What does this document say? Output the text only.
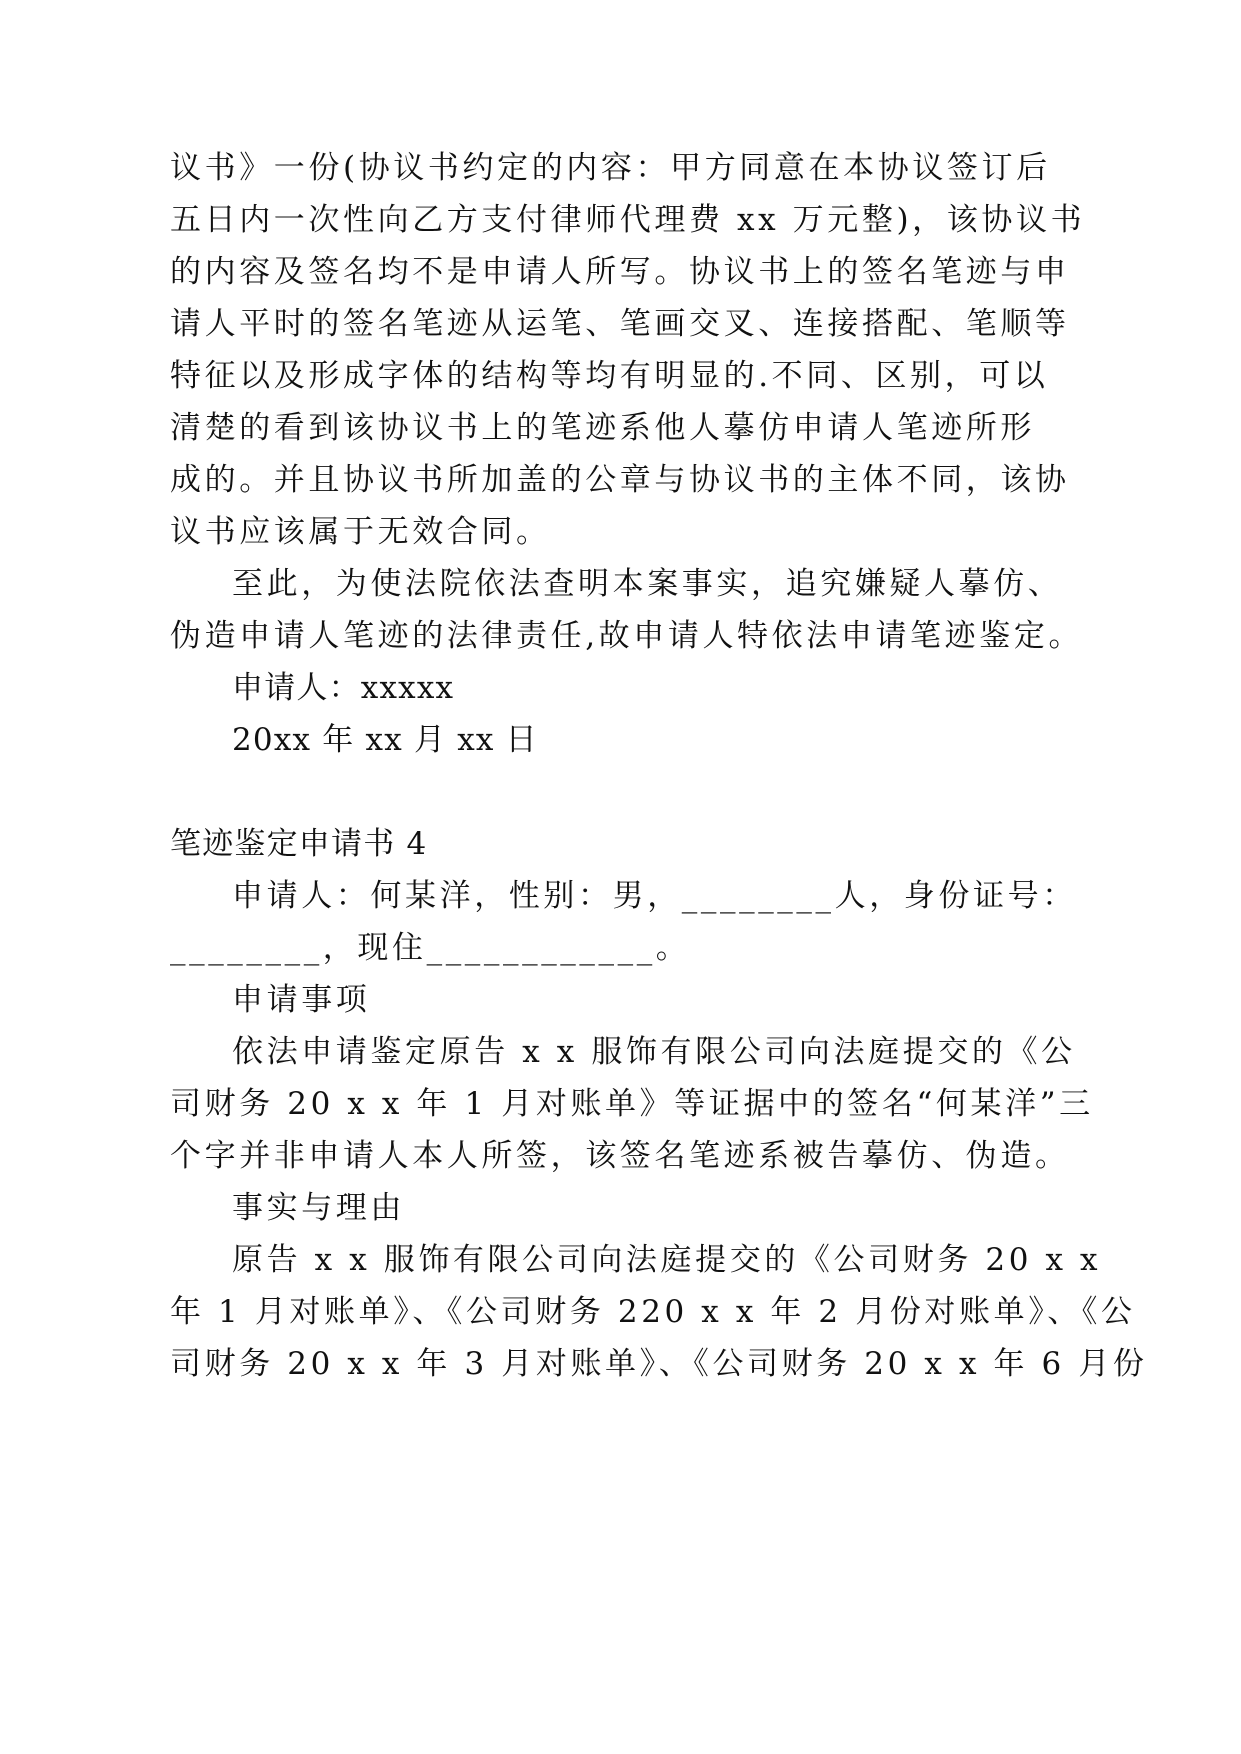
议书》一份(协议书约定的内容：甲方同意在本协议签订后
五日内一次性向乙方支付律师代理费 xx 万元整)，该协议书
的内容及签名均不是申请人所写。协议书上的签名笔迹与申
请人平时的签名笔迹从运笔、笔画交叉、连接搭配、笔顺等
特征以及形成字体的结构等均有明显的.不同、区别，可以
清楚的看到该协议书上的笔迹系他人摹仿申请人笔迹所形
成的。并且协议书所加盖的公章与协议书的主体不同，该协
议书应该属于无效合同。
至此，为使法院依法查明本案事实，追究嫌疑人摹仿、
伪造申请人笔迹的法律责任,故申请人特依法申请笔迹鉴定。
申请人：xxxxx
20xx 年 xx 月 xx 日
笔迹鉴定申请书 4
申请人：何某洋，性别：男，________人，身份证号：
________，现住____________。
申请事项
依法申请鉴定原告 x x 服饰有限公司向法庭提交的《公
司财务 20 x x 年 1 月对账单》等证据中的签名“何某洋”三
个字并非申请人本人所签，该签名笔迹系被告摹仿、伪造。
事实与理由
原告 x x 服饰有限公司向法庭提交的《公司财务 20 x x
年 1 月对账单》、《公司财务 220 x x 年 2 月份对账单》、《公
司财务 20 x x 年 3 月对账单》、《公司财务 20 x x 年 6 月份
